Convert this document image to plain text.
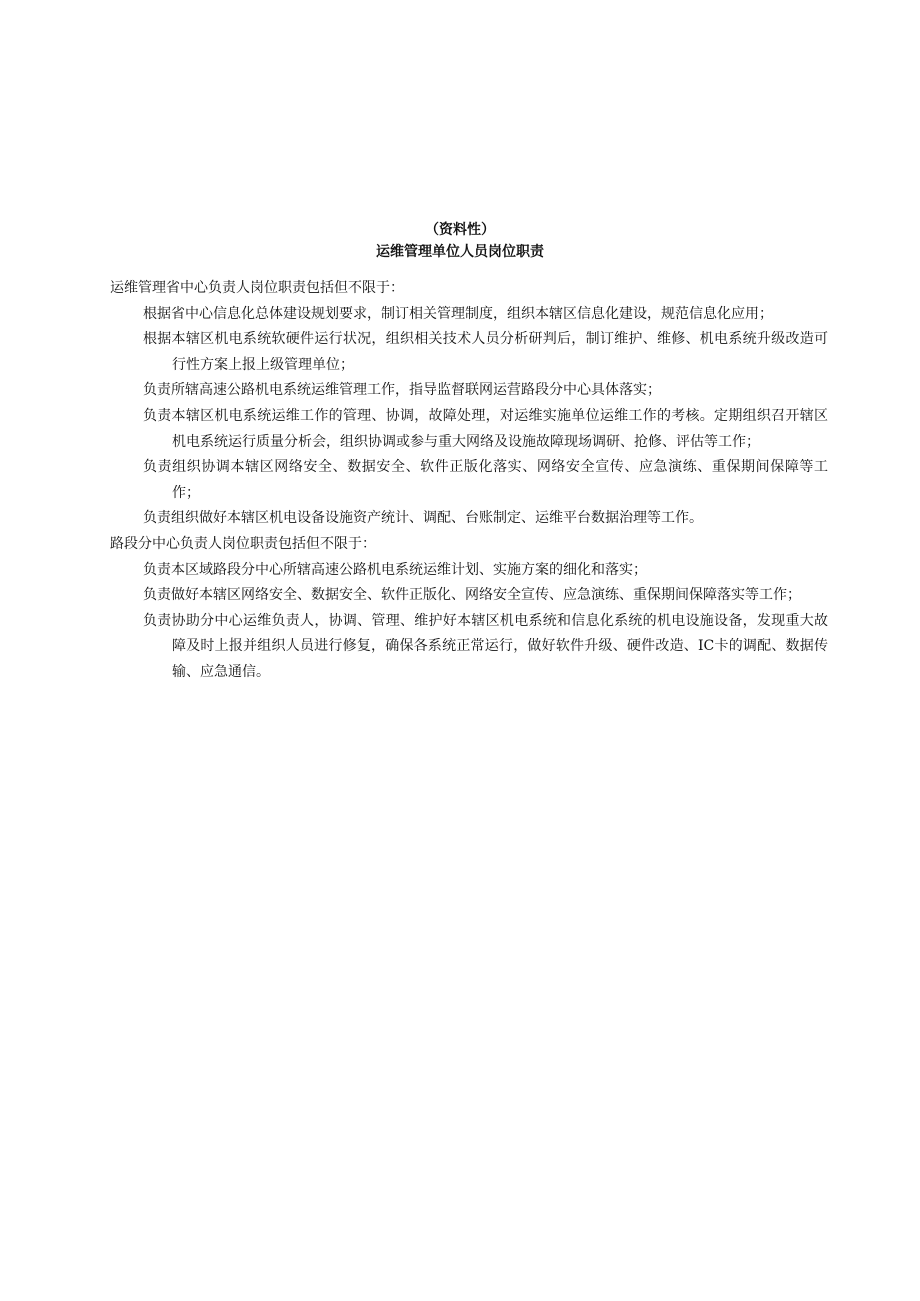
（资料性）
运维管理单位人员岗位职责

运维管理省中心负责人岗位职责包括但不限于：

根据省中心信息化总体建设规划要求，制订相关管理制度，组织本辖区信息化建设，规范信息化应用；

根据本辖区机电系统软硬件运行状况，组织相关技术人员分析研判后，制订维护、维修、机电系统升级改造可行性方案上报上级管理单位；

负责所辖高速公路机电系统运维管理工作，指导监督联网运营路段分中心具体落实；

负责本辖区机电系统运维工作的管理、协调，故障处理，对运维实施单位运维工作的考核。定期组织召开辖区机电系统运行质量分析会，组织协调或参与重大网络及设施故障现场调研、抢修、评估等工作；

负责组织协调本辖区网络安全、数据安全、软件正版化落实、网络安全宣传、应急演练、重保期间保障等工作；

负责组织做好本辖区机电设备设施资产统计、调配、台账制定、运维平台数据治理等工作。

路段分中心负责人岗位职责包括但不限于：

负责本区域路段分中心所辖高速公路机电系统运维计划、实施方案的细化和落实；

负责做好本辖区网络安全、数据安全、软件正版化、网络安全宣传、应急演练、重保期间保障落实等工作；

负责协助分中心运维负责人，协调、管理、维护好本辖区机电系统和信息化系统的机电设施设备，发现重大故障及时上报并组织人员进行修复，确保各系统正常运行，做好软件升级、硬件改造、IC卡的调配、数据传输、应急通信。
